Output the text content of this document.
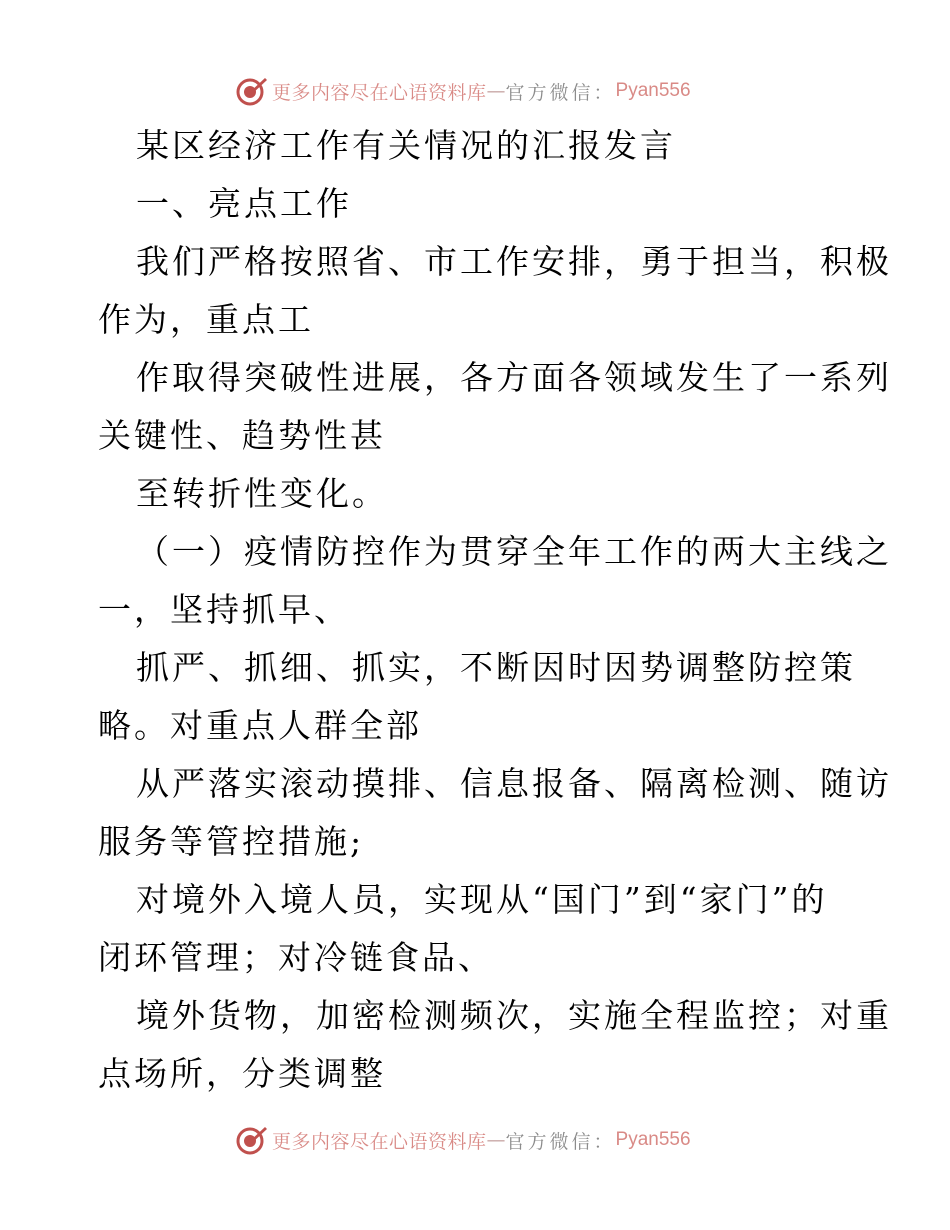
更多内容尽在心语资料库 — 官方微信： Pyan556
某区经济工作有关情况的汇报发言
一、亮点工作
我们严格按照省、市工作安排，勇于担当，积极
作为，重点工
作取得突破性进展，各方面各领域发生了一系列
关键性、趋势性甚
至转折性变化。
（一）疫情防控作为贯穿全年工作的两大主线之
一，坚持抓早、
抓严、抓细、抓实，不断因时因势调整防控策
略。对重点人群全部
从严落实滚动摸排、信息报备、隔离检测、随访
服务等管控措施;
对境外入境人员，实现从“国门”到“家门”的
闭环管理；对冷链食品、
境外货物，加密检测频次，实施全程监控；对重
点场所，分类调整
更多内容尽在心语资料库 — 官方微信： Pyan556
